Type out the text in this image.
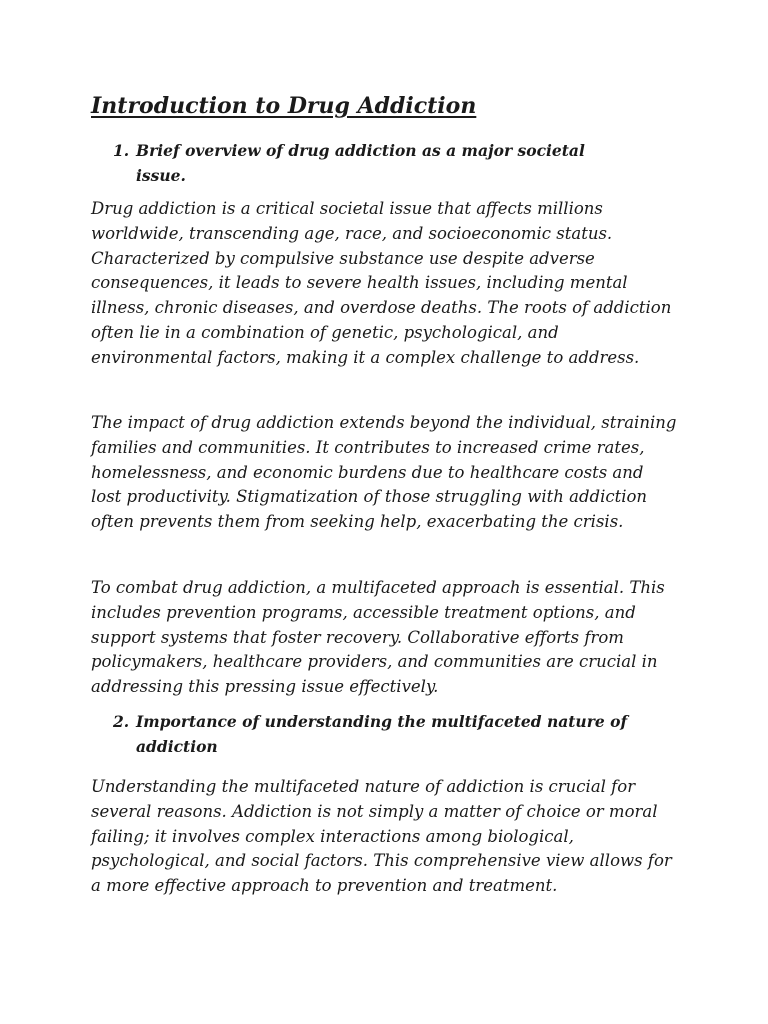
Introduction to Drug Addiction
1. Brief overview of drug addiction as a major societal
issue.

Drug addiction is a critical societal issue that affects millions
worldwide, transcending age, race, and socioeconomic status.
Characterized by compulsive substance use despite adverse
consequences, it leads to severe health issues, including mental
illness, chronic diseases, and overdose deaths. The roots of addiction
often lie in a combination of genetic, psychological, and
environmental factors, making it a complex challenge to address.

The impact of drug addiction extends beyond the individual, straining
families and communities. It contributes to increased crime rates,
homelessness, and economic burdens due to healthcare costs and
lost productivity. Stigmatization of those struggling with addiction
often prevents them from seeking help, exacerbating the crisis.

To combat drug addiction, a multifaceted approach is essential. This
includes prevention programs, accessible treatment options, and
support systems that foster recovery. Collaborative efforts from
policymakers, healthcare providers, and communities are crucial in
addressing this pressing issue effectively.

2. Importance of understanding the multifaceted nature of
addiction

Understanding the multifaceted nature of addiction is crucial for
several reasons. Addiction is not simply a matter of choice or moral
failing; it involves complex interactions among biological,
psychological, and social factors. This comprehensive view allows for
a more effective approach to prevention and treatment.
